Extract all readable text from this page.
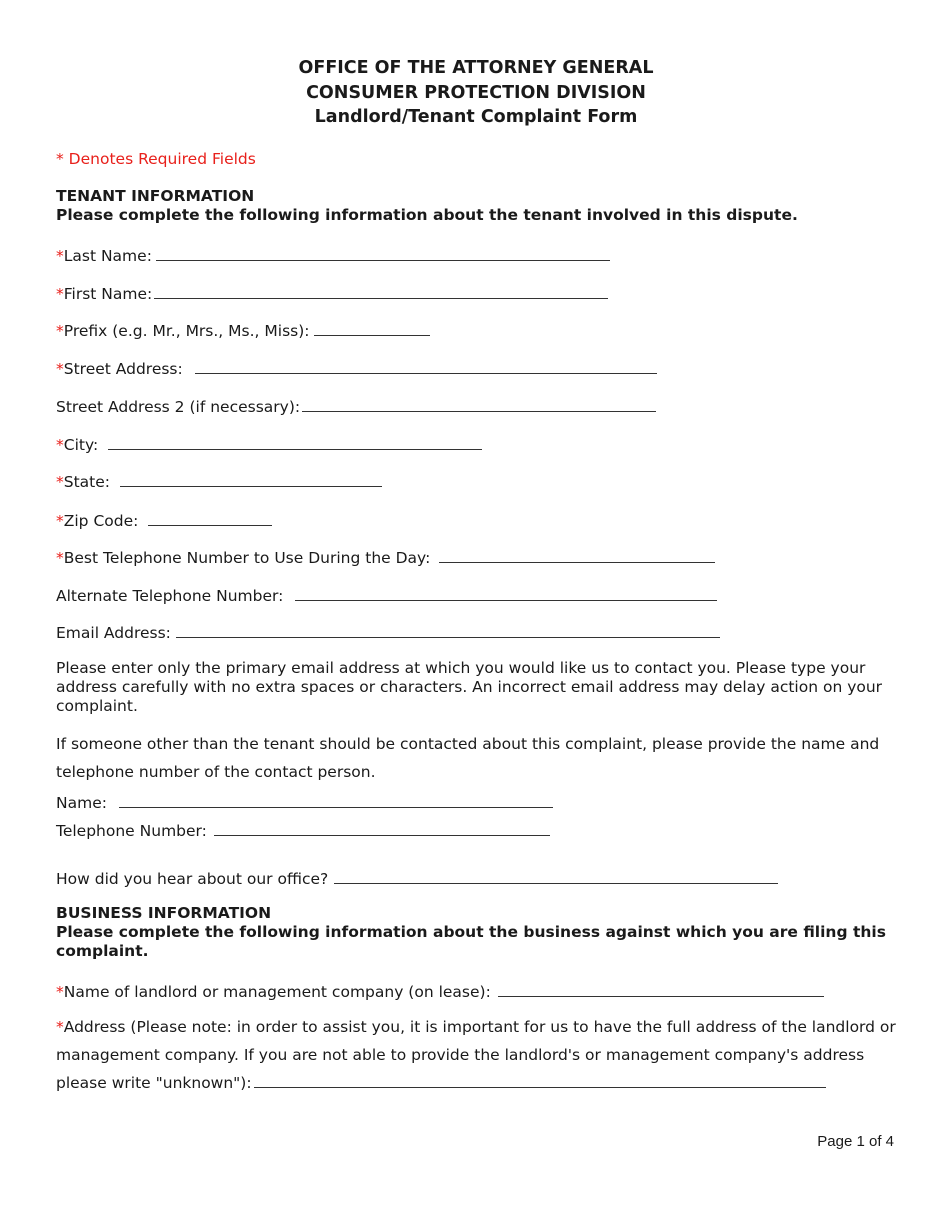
OFFICE OF THE ATTORNEY GENERAL
CONSUMER PROTECTION DIVISION
Landlord/Tenant Complaint Form
* Denotes Required Fields
TENANT INFORMATION
Please complete the following information about the tenant involved in this dispute.
*Last Name:
*First Name:
*Prefix (e.g. Mr., Mrs., Ms., Miss):
*Street Address:
Street Address 2 (if necessary):
*City:
*State:
*Zip Code:
*Best Telephone Number to Use During the Day:
Alternate Telephone Number:
Email Address:
Please enter only the primary email address at which you would like us to contact you. Please type your address carefully with no extra spaces or characters. An incorrect email address may delay action on your complaint.
If someone other than the tenant should be contacted about this complaint, please provide the name and telephone number of the contact person.
Name:
Telephone Number:
How did you hear about our office?
BUSINESS INFORMATION
Please complete the following information about the business against which you are filing this complaint.
*Name of landlord or management company (on lease):
*Address (Please note: in order to assist you, it is important for us to have the full address of the landlord or management company. If you are not able to provide the landlord's or management company's address please write "unknown"):
Page 1 of 4
